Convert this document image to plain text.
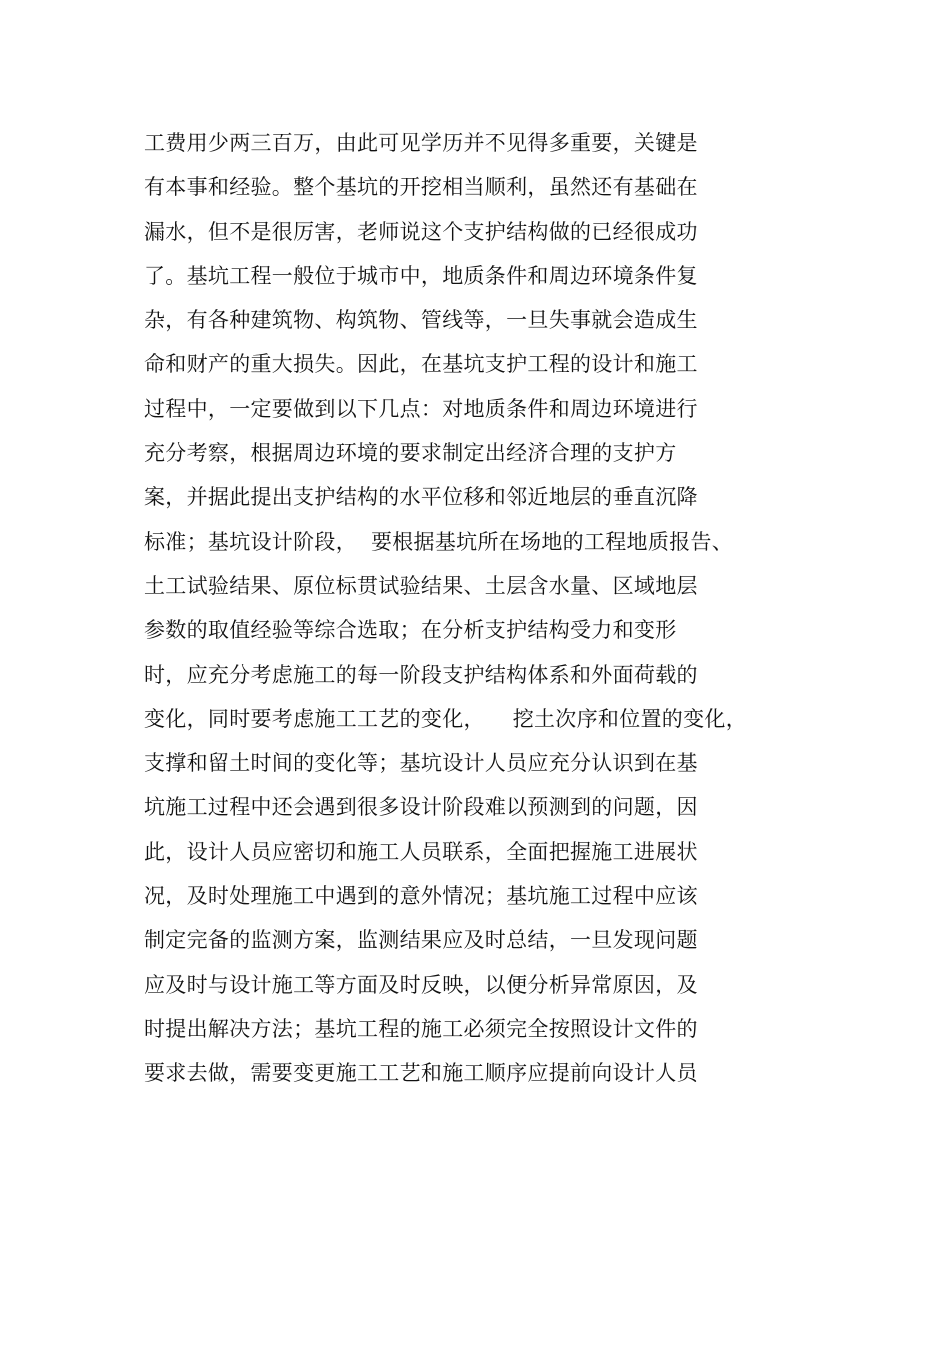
工费用少两三百万，由此可见学历并不见得多重要，关键是
有本事和经验。整个基坑的开挖相当顺利，虽然还有基础在
漏水，但不是很厉害，老师说这个支护结构做的已经很成功
了。基坑工程一般位于城市中，地质条件和周边环境条件复
杂，有各种建筑物、构筑物、管线等，一旦失事就会造成生
命和财产的重大损失。因此，在基坑支护工程的设计和施工
过程中，一定要做到以下几点：对地质条件和周边环境进行
充分考察，根据周边环境的要求制定出经济合理的支护方
案，并据此提出支护结构的水平位移和邻近地层的垂直沉降
标准；基坑设计阶段，  要根据基坑所在场地的工程地质报告、
土工试验结果、原位标贯试验结果、土层含水量、区域地层
参数的取值经验等综合选取；在分析支护结构受力和变形
时，应充分考虑施工的每一阶段支护结构体系和外面荷载的
变化，同时要考虑施工工艺的变化，    挖土次序和位置的变化，
支撑和留土时间的变化等；基坑设计人员应充分认识到在基
坑施工过程中还会遇到很多设计阶段难以预测到的问题，因
此，设计人员应密切和施工人员联系，全面把握施工进展状
况，及时处理施工中遇到的意外情况；基坑施工过程中应该
制定完备的监测方案，监测结果应及时总结，一旦发现问题
应及时与设计施工等方面及时反映，以便分析异常原因，及
时提出解决方法；基坑工程的施工必须完全按照设计文件的
要求去做，需要变更施工工艺和施工顺序应提前向设计人员
